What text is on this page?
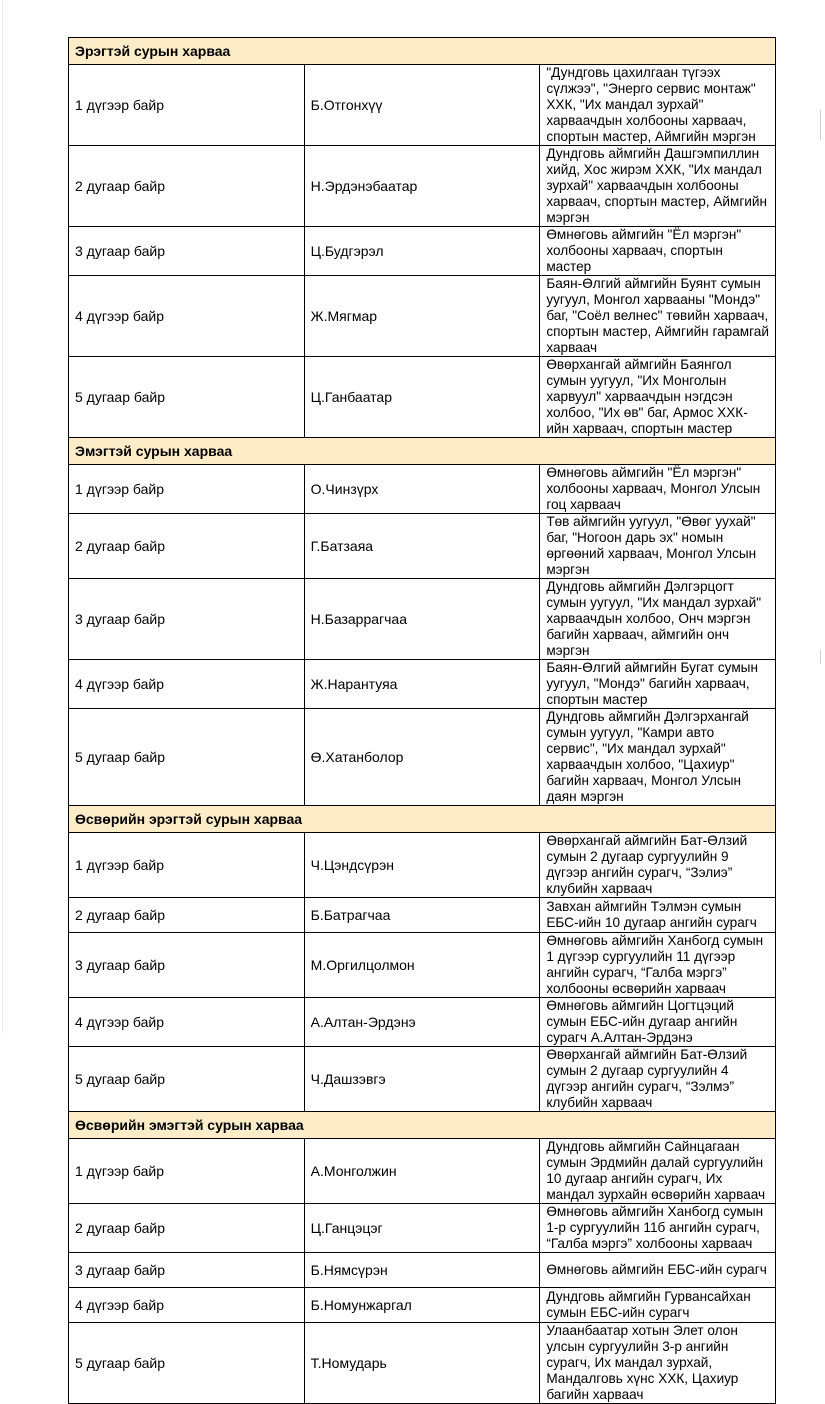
Эрэгтэй сурын харваа		
1 дүгээр байр	Б.Отгонхүү	"Дундговь цахилгаан түгээх сүлжээ", "Энерго сервис монтаж" ХХК, "Их мандал зурхай" харваачдын холбооны харваач, спортын мастер, Аймгийн мэргэн
2 дугаар байр	Н.Эрдэнэбаатар	Дундговь аймгийн Дашгэмпиллин хийд, Хос жирэм ХХК, "Их мандал зурхай" харваачдын холбооны харваач, спортын мастер, Аймгийн мэргэн
3 дугаар байр	Ц.Будгэрэл	Өмнөговь аймгийн "Ёл мэргэн" холбооны харваач, спортын мастер
4 дүгээр байр	Ж.Мягмар	Баян-Өлгий аймгийн Буянт сумын уугуул, Монгол харвааны "Мондэ" баг, "Соёл велнес" төвийн харваач, спортын мастер, Аймгийн гарамгай харваач
5 дугаар байр	Ц.Ганбаатар	Өвөрхангай аймгийн Баянгол сумын уугуул, "Их Монголын харвуул" харваачдын нэгдсэн холбоо, "Их өв" баг, Армос ХХК-ийн харваач, спортын мастер
Эмэгтэй сурын харваа		
1 дүгээр байр	О.Чинзүрх	Өмнөговь аймгийн "Ёл мэргэн" холбооны харваач, Монгол Улсын гоц харваач
2 дугаар байр	Г.Батзаяа	Төв аймгийн уугуул, "Өвөг уухай" баг, "Ногоон дарь эх" номын өргөөний харваач, Монгол Улсын мэргэн
3 дугаар байр	Н.Базаррагчаа	Дундговь аймгийн Дэлгэрцогт сумын уугуул, "Их мандал зурхай" харваачдын холбоо, Онч мэргэн багийн харваач, аймгийн онч мэргэн
4 дүгээр байр	Ж.Нарантуяа	Баян-Өлгий аймгийн Бугат сумын уугуул, "Мондэ" багийн харваач, спортын мастер
5 дугаар байр	Ө.Хатанболор	Дундговь аймгийн Дэлгэрхангай сумын уугуул, "Камри авто сервис", "Их мандал зурхай" харваачдын холбоо, "Цахиур" багийн харваач, Монгол Улсын даян мэргэн
Өсвөрийн эрэгтэй сурын харваа		
1 дүгээр байр	Ч.Цэндсүрэн	Өвөрхангай аймгийн Бат-Өлзий сумын 2 дугаар сургуулийн 9 дүгээр ангийн сурагч, “Зэлиэ” клубийн харваач
2 дугаар байр	Б.Батрагчаа	Завхан аймгийн Тэлмэн сумын ЕБС-ийн 10 дугаар ангийн сурагч
3 дугаар байр	М.Оргилцолмон	Өмнөговь аймгийн Ханбогд сумын 1 дүгээр сургуулийн 11 дүгээр ангийн сурагч, “Галба мэргэ” холбооны өсвөрийн харваач
4 дүгээр байр	А.Алтан-Эрдэнэ	Өмнөговь аймгийн Цогтцэций сумын ЕБС-ийн дугаар ангийн сурагч А.Алтан-Эрдэнэ
5 дугаар байр	Ч.Дашзэвгэ	Өвөрхангай аймгийн Бат-Өлзий сумын 2 дугаар сургуулийн 4 дүгээр ангийн сурагч, “Зэлмэ” клубийн харваач
Өсвөрийн эмэгтэй сурын харваа		
1 дүгээр байр	А.Монголжин	Дундговь аймгийн Сайнцагаан сумын Эрдмийн далай сургуулийн 10 дугаар ангийн сурагч, Их мандал зурхайн өсвөрийн харваач
2 дугаар байр	Ц.Ганцэцэг	Өмнөговь аймгийн Ханбогд сумын 1-р сургуулийн 11б ангийн сурагч, “Галба мэргэ” холбооны харваач
3 дугаар байр	Б.Нямсүрэн	Өмнөговь аймгийн ЕБС-ийн сурагч
4 дүгээр байр	Б.Номунжаргал	Дундговь аймгийн Гурвансайхан сумын ЕБС-ийн сурагч
5 дугаар байр	Т.Номударь	Улаанбаатар хотын Элет олон улсын сургуулийн 3-р ангийн сурагч, Их мандал зурхай, Мандалговь хүнс ХХК, Цахиур багийн харваач
